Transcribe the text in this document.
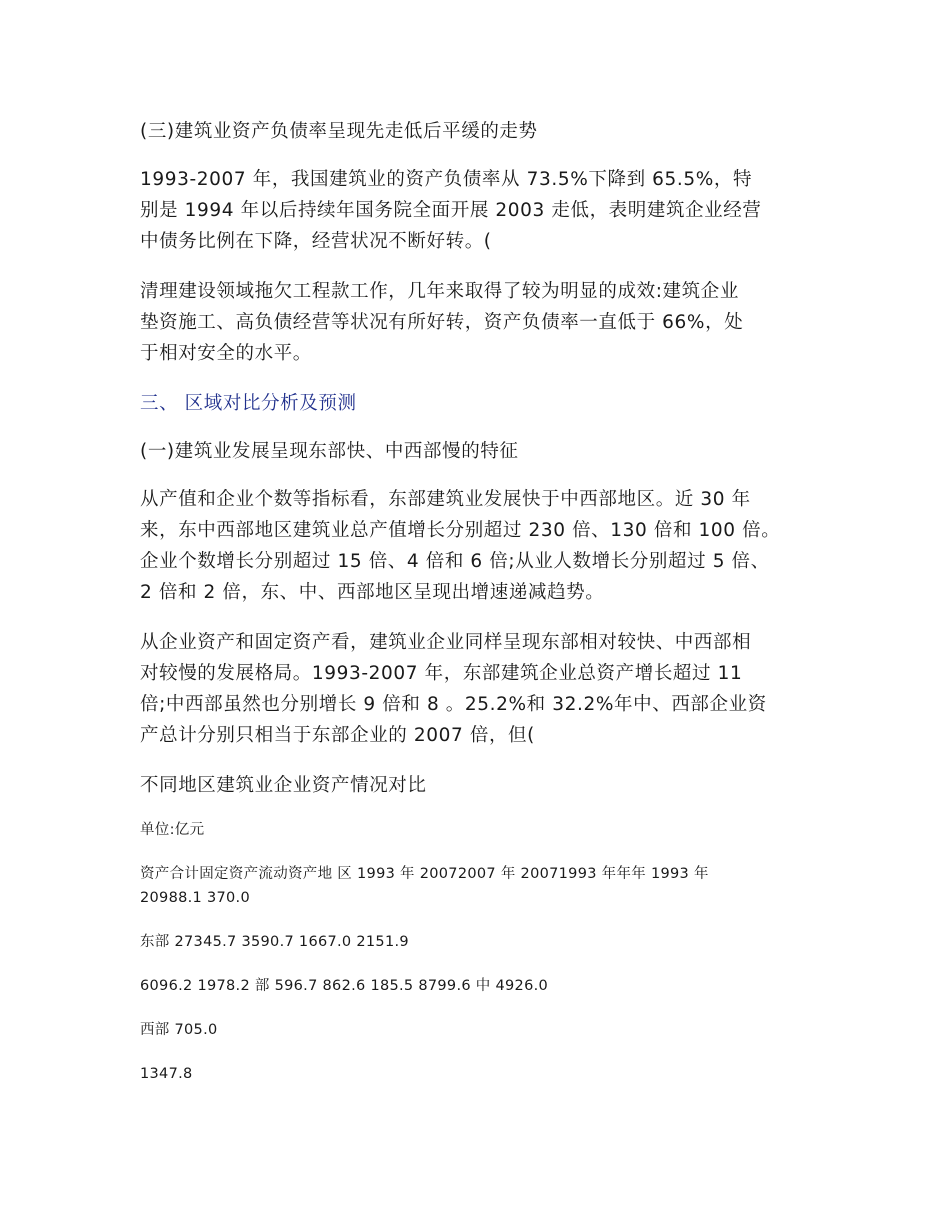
(三)建筑业资产负债率呈现先走低后平缓的走势

1993-2007 年，我国建筑业的资产负债率从 73.5%下降到 65.5%，特
别是 1994 年以后持续年国务院全面开展 2003 走低，表明建筑企业经营
中债务比例在下降，经营状况不断好转。(

清理建设领域拖欠工程款工作，几年来取得了较为明显的成效:建筑企业
垫资施工、高负债经营等状况有所好转，资产负债率一直低于 66%，处
于相对安全的水平。

三、 区域对比分析及预测

(一)建筑业发展呈现东部快、中西部慢的特征

从产值和企业个数等指标看，东部建筑业发展快于中西部地区。近 30 年
来，东中西部地区建筑业总产值增长分别超过 230 倍、130 倍和 100 倍。
企业个数增长分别超过 15 倍、4 倍和 6 倍;从业人数增长分别超过 5 倍、
2 倍和 2 倍，东、中、西部地区呈现出增速递减趋势。

从企业资产和固定资产看，建筑业企业同样呈现东部相对较快、中西部相
对较慢的发展格局。1993-2007 年，东部建筑企业总资产增长超过 11
倍;中西部虽然也分别增长 9 倍和 8 。25.2%和 32.2%年中、西部企业资
产总计分别只相当于东部企业的 2007 倍，但(

不同地区建筑业企业资产情况对比

单位:亿元

资产合计固定资产流动资产地 区 1993 年 20072007 年 20071993 年年年 1993 年
20988.1 370.0

东部 27345.7 3590.7 1667.0 2151.9

6096.2 1978.2 部 596.7 862.6 185.5 8799.6 中 4926.0

西部 705.0

1347.8
